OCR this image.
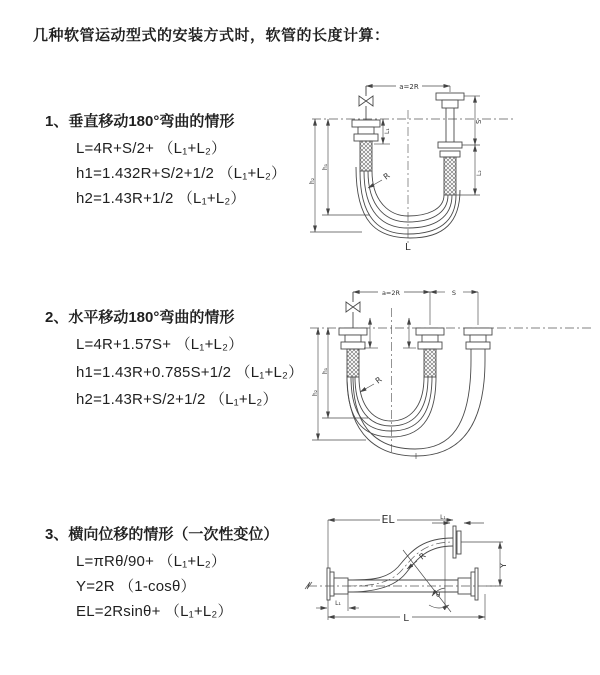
几种软管运动型式的安装方式时，软管的长度计算：
1、垂直移动180°弯曲的情形
L=4R+S/2+ （L₁+L₂）
h1=1.432R+S/2+1/2 （L₁+L₂）
h2=1.43R+1/2 （L₁+L₂）
2、水平移动180°弯曲的情形
L=4R+1.57S+ （L₁+L₂）
h1=1.43R+0.785S+1/2 （L₁+L₂）
h2=1.43R+S/2+1/2 （L₁+L₂）
3、横向位移的情形（一次性变位）
L=πRθ/90+ （L₁+L₂）
Y=2R （1-cosθ）
EL=2Rsinθ+ （L₁+L₂）
a=2R
L₁
S
L₂
h₂
h₁
R
L
a=2R	S
h₂
h₁
R
EL	L₁
Y
R
θ
L₁
L
